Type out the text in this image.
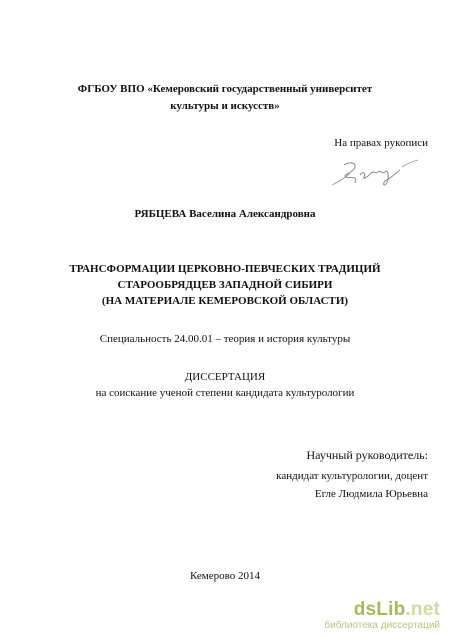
ФГБОУ ВПО «Кемеровский государственный университет
культуры и искусств»
На правах рукописи
РЯБЦЕВА Васелина Александровна
ТРАНСФОРМАЦИИ ЦЕРКОВНО-ПЕВЧЕСКИХ ТРАДИЦИЙ
СТАРООБРЯДЦЕВ ЗАПАДНОЙ СИБИРИ
(НА МАТЕРИАЛЕ КЕМЕРОВСКОЙ ОБЛАСТИ)
Специальность 24.00.01 – теория и история культуры
ДИССЕРТАЦИЯ
на соискание ученой степени кандидата культурологии
Научный руководитель:
кандидат культурологии, доцент
Егле Людмила Юрьевна
Кемерово 2014
dsLib.net
библиотека диссертаций
